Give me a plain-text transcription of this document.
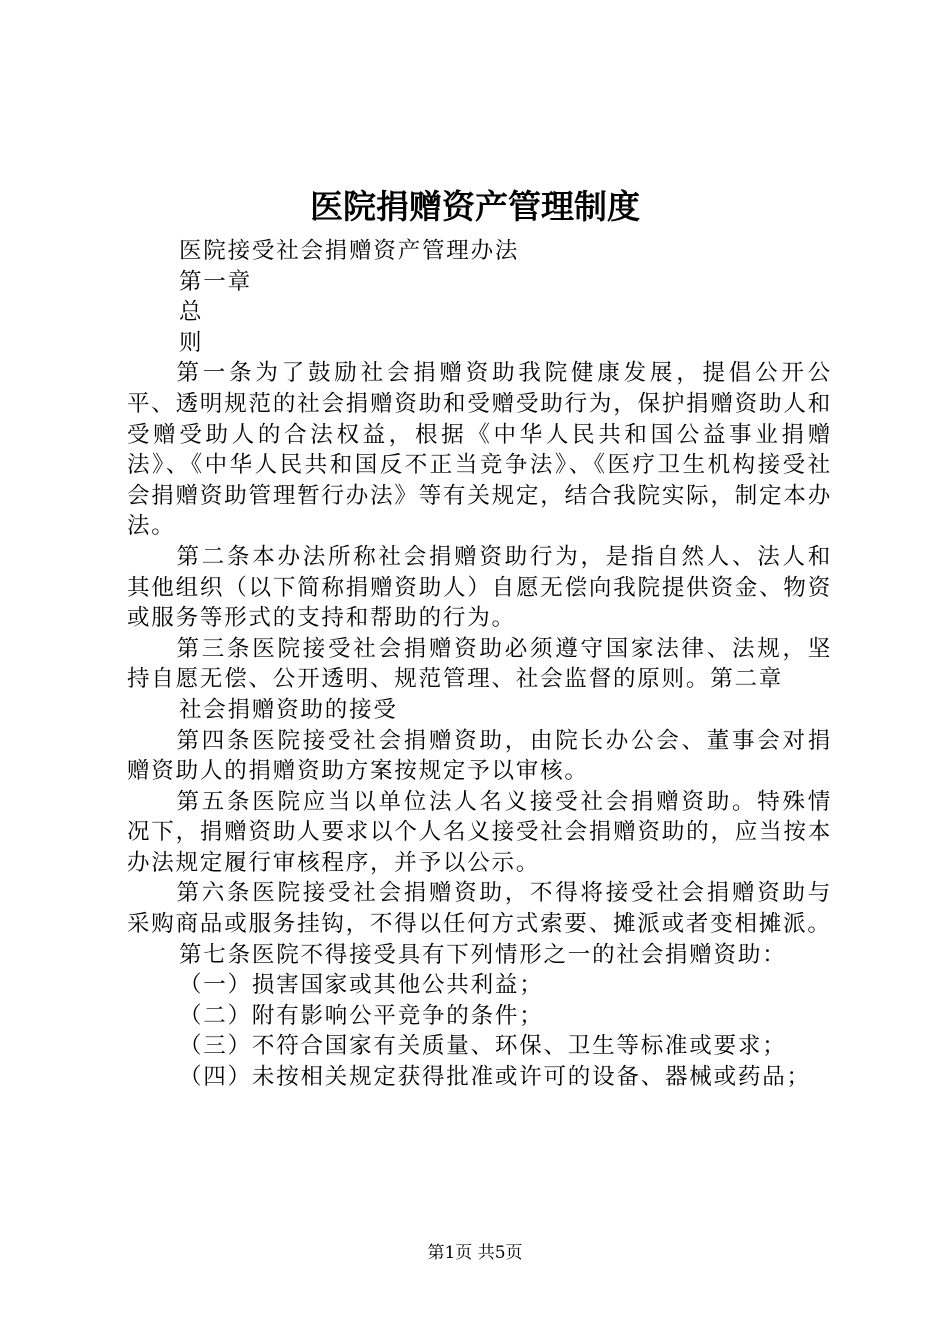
医院捐赠资产管理制度

医院接受社会捐赠资产管理办法

第一章

总

则

第一条为了鼓励社会捐赠资助我院健康发展，提倡公开公平、透明规范的社会捐赠资助和受赠受助行为，保护捐赠资助人和受赠受助人的合法权益，根据《中华人民共和国公益事业捐赠法》、《中华人民共和国反不正当竞争法》、《医疗卫生机构接受社会捐赠资助管理暂行办法》等有关规定，结合我院实际，制定本办法。

第二条本办法所称社会捐赠资助行为，是指自然人、法人和其他组织（以下简称捐赠资助人）自愿无偿向我院提供资金、物资或服务等形式的支持和帮助的行为。

第三条医院接受社会捐赠资助必须遵守国家法律、法规，坚持自愿无偿、公开透明、规范管理、社会监督的原则。第二章

社会捐赠资助的接受

第四条医院接受社会捐赠资助，由院长办公会、董事会对捐赠资助人的捐赠资助方案按规定予以审核。

第五条医院应当以单位法人名义接受社会捐赠资助。特殊情况下，捐赠资助人要求以个人名义接受社会捐赠资助的，应当按本办法规定履行审核程序，并予以公示。

第六条医院接受社会捐赠资助，不得将接受社会捐赠资助与采购商品或服务挂钩，不得以任何方式索要、摊派或者变相摊派。

第七条医院不得接受具有下列情形之一的社会捐赠资助：

（一）损害国家或其他公共利益；

（二）附有影响公平竞争的条件；

（三）不符合国家有关质量、环保、卫生等标准或要求；

（四）未按相关规定获得批准或许可的设备、器械或药品；

第1页 共5页
